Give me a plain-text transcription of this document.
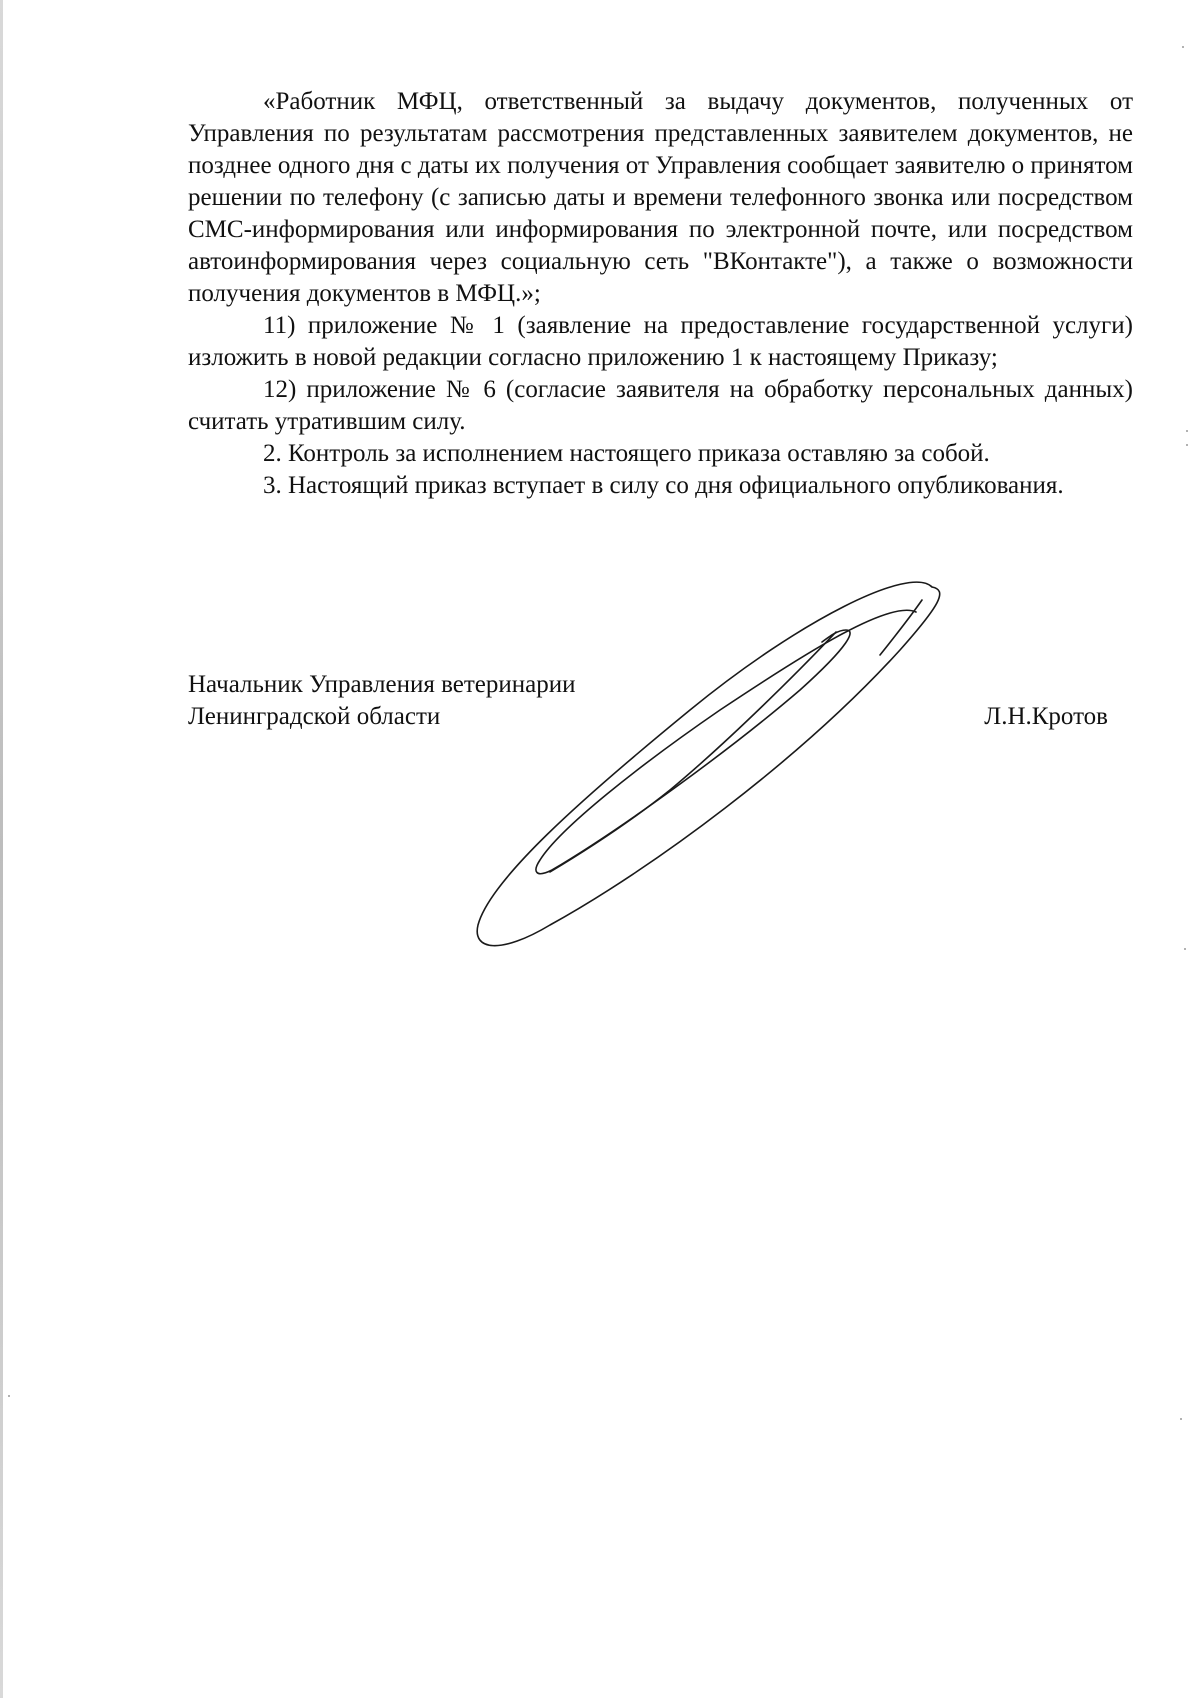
«Работник МФЦ, ответственный за выдачу документов, полученных от Управления по результатам рассмотрения представленных заявителем документов, не позднее одного дня с даты их получения от Управления сообщает заявителю о принятом решении по телефону (с записью даты и времени телефонного звонка или посредством СМС-информирования или информирования по электронной почте, или посредством автоинформирования через социальную сеть "ВКонтакте"), а также о возможности получения документов в МФЦ.»;

11) приложение № 1 (заявление на предоставление государственной услуги) изложить в новой редакции согласно приложению 1 к настоящему Приказу;

12) приложение № 6 (согласие заявителя на обработку персональных данных) считать утратившим силу.

2. Контроль за исполнением настоящего приказа оставляю за собой.

3. Настоящий приказ вступает в силу со дня официального опубликования.

Начальник Управления ветеринарии
Ленинградской области	Л.Н.Кротов
